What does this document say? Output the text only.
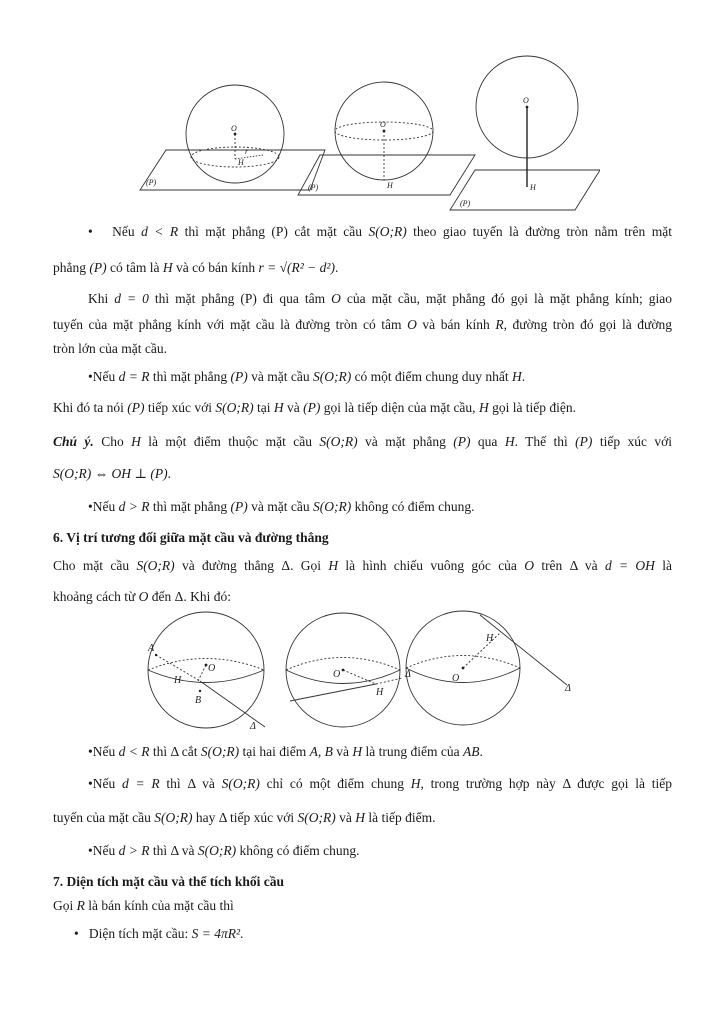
O
H
r
(P)
O
H
(P)
O
H
(P)
• Nếu d < R thì mặt phẳng (P) cắt mặt cầu S(O;R) theo giao tuyến là đường tròn nằm trên mặt
phẳng (P) có tâm là H và có bán kính r = √(R² − d²).
Khi d = 0 thì mặt phẳng (P) đi qua tâm O của mặt cầu, mặt phẳng đó gọi là mặt phẳng kính; giao
tuyến của mặt phẳng kính với mặt cầu là đường tròn có tâm O và bán kính R, đường tròn đó gọi là đường
tròn lớn của mặt cầu.
•Nếu d = R thì mặt phẳng (P) và mặt cầu S(O;R) có một điểm chung duy nhất H.
Khi đó ta nói (P) tiếp xúc với S(O;R) tại H và (P) gọi là tiếp diện của mặt cầu, H gọi là tiếp điện.
Chú ý. Cho H là một điểm thuộc mặt cầu S(O;R) và mặt phẳng (P) qua H. Thế thì (P) tiếp xúc với
S(O;R) ⇔ OH ⊥ (P).
•Nếu d > R thì mặt phẳng (P) và mặt cầu S(O;R) không có điểm chung.
6. Vị trí tương đối giữa mặt cầu và đường thẳng
Cho mặt cầu S(O;R) và đường thẳng Δ. Gọi H là hình chiếu vuông góc của O trên Δ và d = OH là
khoảng cách từ O đến Δ. Khi đó:
A
B
H
O
Δ
O
H
Δ	O
H
Δ
•Nếu d < R thì Δ cắt S(O;R) tại hai điểm A, B và H là trung điểm của AB.
•Nếu d = R thì Δ và S(O;R) chỉ có một điểm chung H, trong trường hợp này Δ được gọi là tiếp
tuyến của mặt cầu S(O;R) hay Δ tiếp xúc với S(O;R) và H là tiếp điểm.
•Nếu d > R thì Δ và S(O;R) không có điểm chung.
7. Diện tích mặt cầu và thể tích khối cầu
Gọi R là bán kính của mặt cầu thì
• Diện tích mặt cầu: S = 4πR².
